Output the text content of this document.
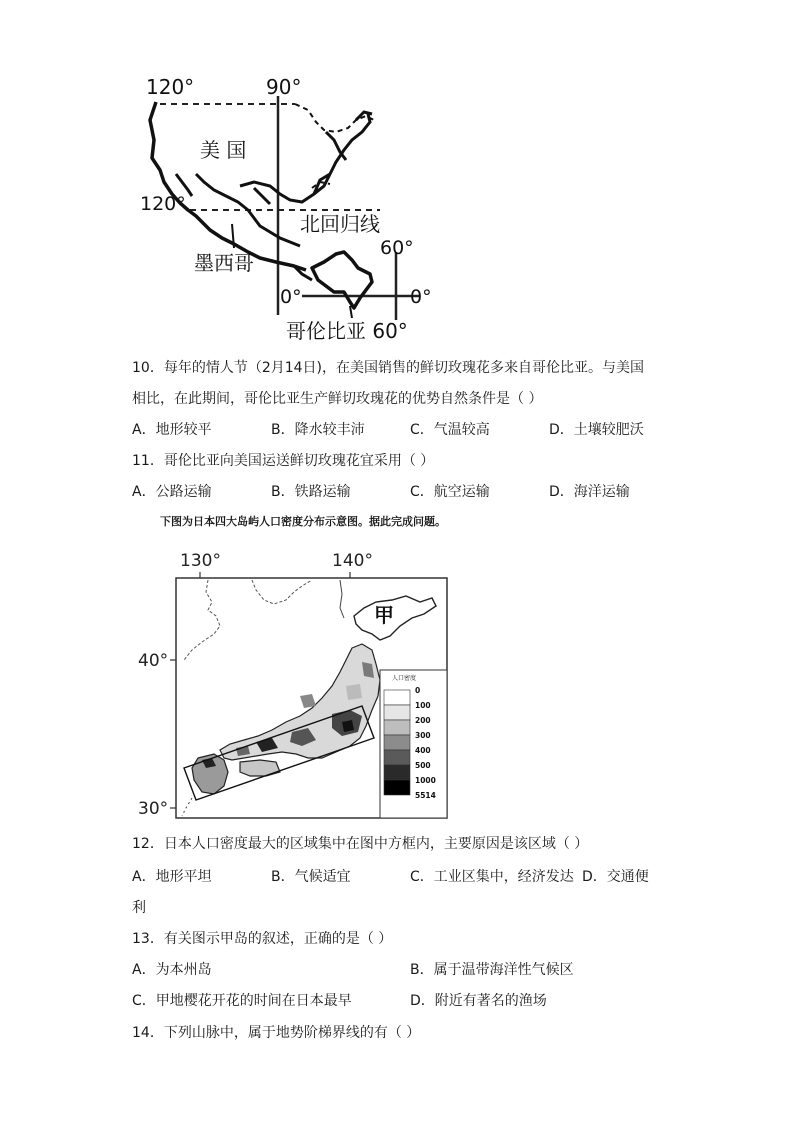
120°	90°
美 国
120°
北回归线
墨西哥
60°
0°	0°
哥伦比亚 60°
10．每年的情人节（2月14日)，在美国销售的鲜切玫瑰花多来自哥伦比亚。与美国
相比，在此期间，哥伦比亚生产鲜切玫瑰花的优势自然条件是（ ）
A．地形较平	B．降水较丰沛	C．气温较高	D．土壤较肥沃
11．哥伦比亚向美国运送鲜切玫瑰花宜采用（ ）
A．公路运输	B．铁路运输	C．航空运输	D．海洋运输
下图为日本四大岛屿人口密度分布示意图。据此完成问题。
130°	140°
40°
30°
甲
人口密度
0
100
200
300
400
500
1000
5514
12．日本人口密度最大的区域集中在图中方框内，主要原因是该区域（ ）
A．地形平坦	B．气候适宜	C．工业区集中，经济发达 D．交通便
利
13．有关图示甲岛的叙述，正确的是（ ）
A．为本州岛	B．属于温带海洋性气候区
C．甲地樱花开花的时间在日本最早	D．附近有著名的渔场
14．下列山脉中，属于地势阶梯界线的有（ ）
